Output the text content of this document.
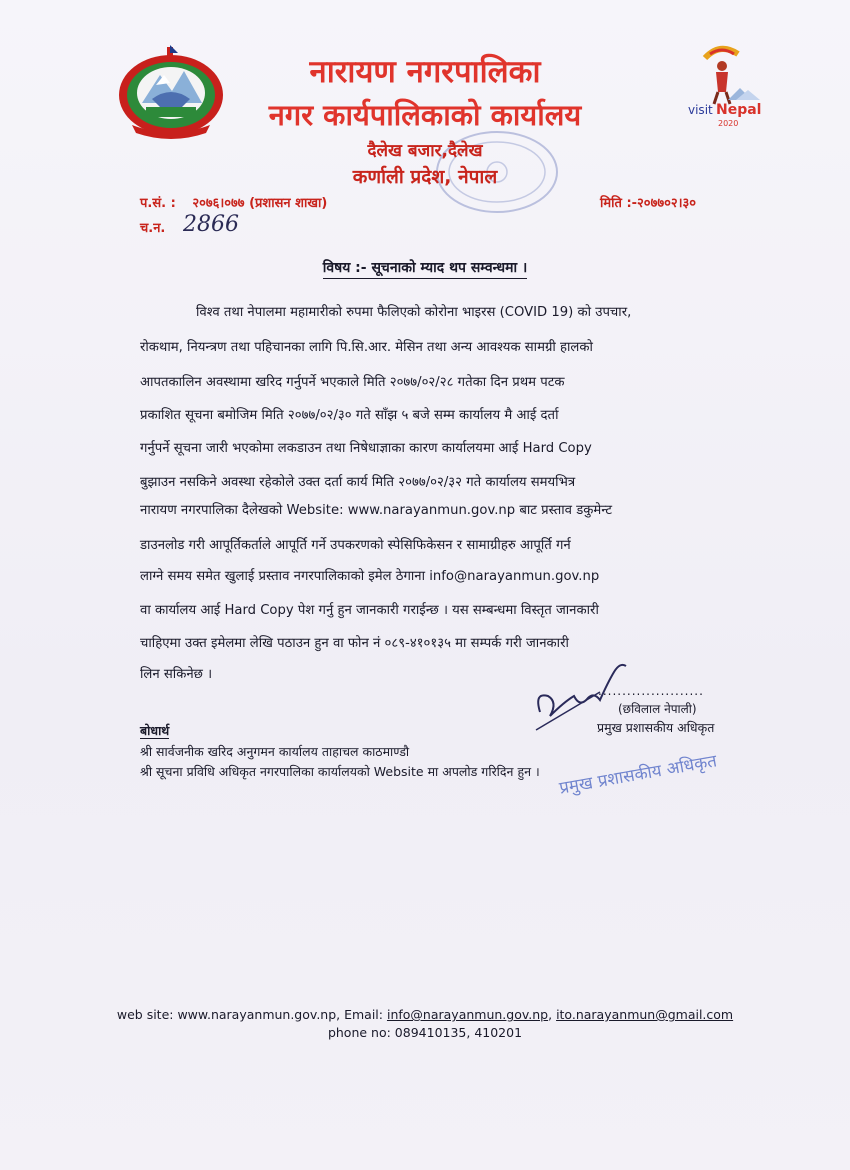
visit Nepal
2020
नारायण नगरपालिका
नगर कार्यपालिकाको कार्यालय
दैलेख बजार,दैलेख
कर्णाली प्रदेश, नेपाल
प.सं. : २०७६।०७७ (प्रशासन शाखा)	मिति :-२०७७०२।३०
च.न. 2866
विषय :- सूचनाको म्याद थप सम्वन्धमा ।
विश्व तथा नेपालमा महामारीको रुपमा फैलिएको कोरोना भाइरस (COVID 19) को उपचार,
रोकथाम, नियन्त्रण तथा पहिचानका लागि पि.सि.आर. मेसिन तथा अन्य आवश्यक सामग्री हालको
आपतकालिन अवस्थामा खरिद गर्नुपर्ने भएकाले मिति २०७७/०२/२८ गतेका दिन प्रथम पटक
प्रकाशित सूचना बमोजिम मिति २०७७/०२/३० गते साँझ ५ बजे सम्म कार्यालय मै आई दर्ता
गर्नुपर्ने सूचना जारी भएकोमा लकडाउन तथा निषेधाज्ञाका कारण कार्यालयमा आई Hard Copy
बुझाउन नसकिने अवस्था रहेकोले उक्त दर्ता कार्य मिति २०७७/०२/३२ गते कार्यालय समयभित्र
नारायण नगरपालिका दैलेखको Website: www.narayanmun.gov.np बाट प्रस्ताव डकुमेन्ट
डाउनलोड गरी आपूर्तिकर्ताले आपूर्ति गर्ने उपकरणको स्पेसिफिकेसन र सामाग्रीहरु आपूर्ति गर्न
लाग्ने समय समेत खुलाई प्रस्ताव नगरपालिकाको इमेल ठेगाना info@narayanmun.gov.np
वा कार्यालय आई Hard Copy पेश गर्नु हुन जानकारी गराईन्छ । यस सम्बन्धमा विस्तृत जानकारी
चाहिएमा उक्त इमेलमा लेखि पठाउन हुन वा फोन नं ०८९-४१०१३५ मा सम्पर्क गरी जानकारी
लिन सकिनेछ ।
......................
(छविलाल नेपाली)
प्रमुख प्रशासकीय अधिकृत
बोधार्थ
श्री सार्वजनीक खरिद अनुगमन कार्यालय ताहाचल काठमाण्डौ
श्री सूचना प्रविधि अधिकृत नगरपालिका कार्यालयको Website मा अपलोड गरिदिन हुन । प्रमुख प्रशासकीय अधिकृत
web site: www.narayanmun.gov.np, Email: info@narayanmun.gov.np, ito.narayanmun@gmail.com
phone no: 089410135, 410201
